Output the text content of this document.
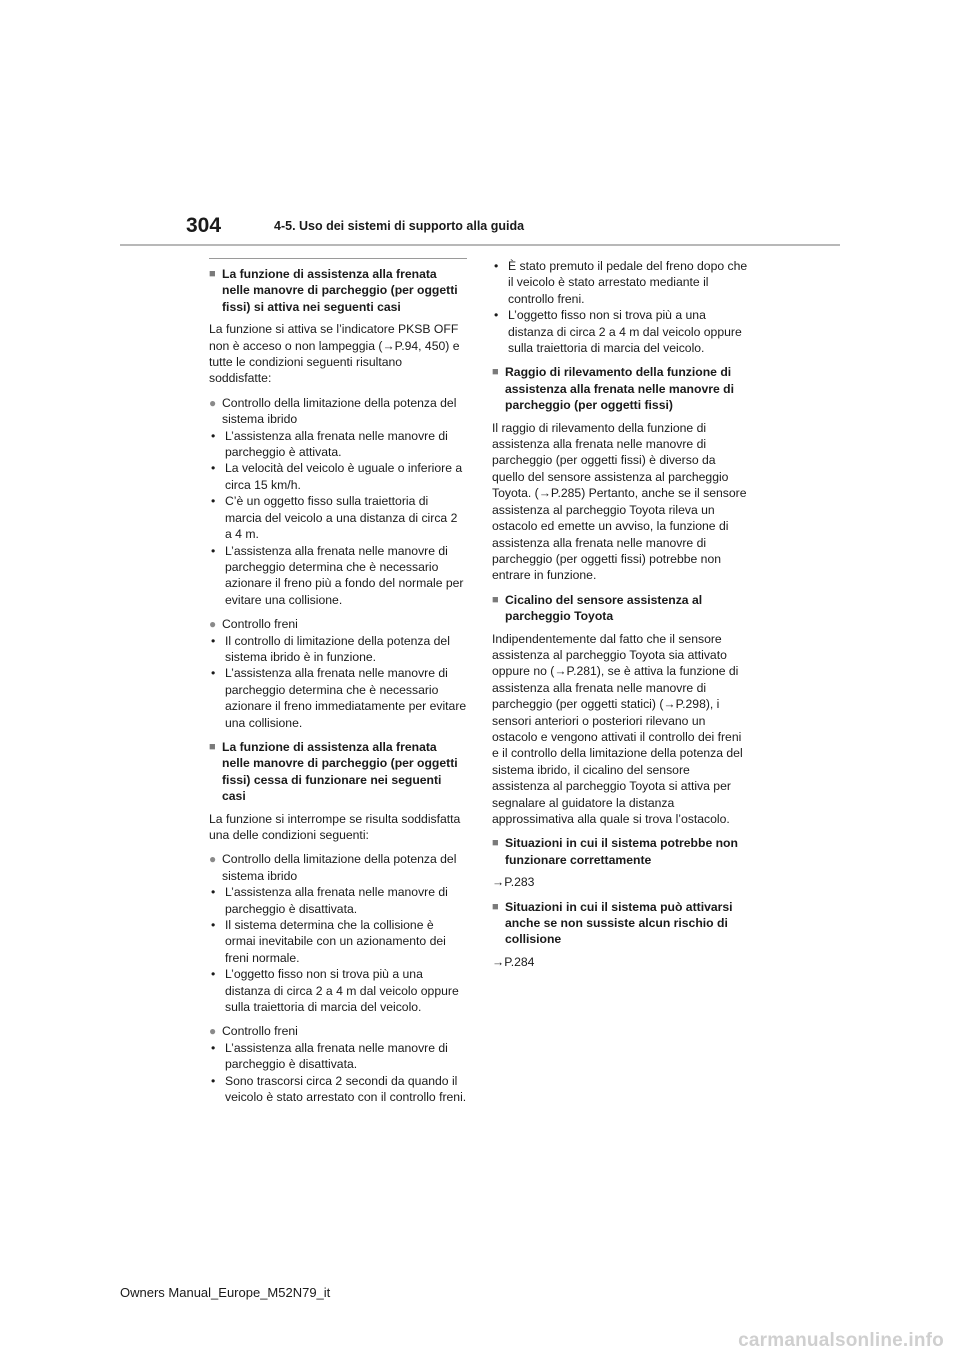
304	4-5. Uso dei sistemi di supporto alla guida
■ La funzione di assistenza alla frenata nelle manovre di parcheggio (per oggetti fissi) si attiva nei seguenti casi
La funzione si attiva se l’indicatore PKSB OFF non è acceso o non lampeggia (→P.94, 450) e tutte le condizioni seguenti risultano soddisfatte:
● Controllo della limitazione della potenza del sistema ibrido
• L’assistenza alla frenata nelle manovre di parcheggio è attivata.
• La velocità del veicolo è uguale o inferiore a circa 15 km/h.
• C’è un oggetto fisso sulla traiettoria di marcia del veicolo a una distanza di circa 2 a 4 m.
• L’assistenza alla frenata nelle manovre di parcheggio determina che è necessario azionare il freno più a fondo del normale per evitare una collisione.
● Controllo freni
• Il controllo di limitazione della potenza del sistema ibrido è in funzione.
• L’assistenza alla frenata nelle manovre di parcheggio determina che è necessario azionare il freno immediatamente per evitare una collisione.
■ La funzione di assistenza alla frenata nelle manovre di parcheggio (per oggetti fissi) cessa di funzionare nei seguenti casi
La funzione si interrompe se risulta soddisfatta una delle condizioni seguenti:
● Controllo della limitazione della potenza del sistema ibrido
• L’assistenza alla frenata nelle manovre di parcheggio è disattivata.
• Il sistema determina che la collisione è ormai inevitabile con un azionamento dei freni normale.
• L’oggetto fisso non si trova più a una distanza di circa 2 a 4 m dal veicolo oppure sulla traiettoria di marcia del veicolo.
● Controllo freni
• L’assistenza alla frenata nelle manovre di parcheggio è disattivata.
• Sono trascorsi circa 2 secondi da quando il veicolo è stato arrestato con il controllo freni.
• È stato premuto il pedale del freno dopo che il veicolo è stato arrestato mediante il controllo freni.
• L’oggetto fisso non si trova più a una distanza di circa 2 a 4 m dal veicolo oppure sulla traiettoria di marcia del veicolo.
■ Raggio di rilevamento della funzione di assistenza alla frenata nelle manovre di parcheggio (per oggetti fissi)
Il raggio di rilevamento della funzione di assistenza alla frenata nelle manovre di parcheggio (per oggetti fissi) è diverso da quello del sensore assistenza al parcheggio Toyota. (→P.285) Pertanto, anche se il sensore assistenza al parcheggio Toyota rileva un ostacolo ed emette un avviso, la funzione di assistenza alla frenata nelle manovre di parcheggio (per oggetti fissi) potrebbe non entrare in funzione.
■ Cicalino del sensore assistenza al parcheggio Toyota
Indipendentemente dal fatto che il sensore assistenza al parcheggio Toyota sia attivato oppure no (→P.281), se è attiva la funzione di assistenza alla frenata nelle manovre di parcheggio (per oggetti statici) (→P.298), i sensori anteriori o posteriori rilevano un ostacolo e vengono attivati il controllo dei freni e il controllo della limitazione della potenza del sistema ibrido, il cicalino del sensore assistenza al parcheggio Toyota si attiva per segnalare al guidatore la distanza approssimativa alla quale si trova l’ostacolo.
■ Situazioni in cui il sistema potrebbe non funzionare correttamente
→P.283
■ Situazioni in cui il sistema può attivarsi anche se non sussiste alcun rischio di collisione
→P.284
Owners Manual_Europe_M52N79_it
carmanualsonline.info
